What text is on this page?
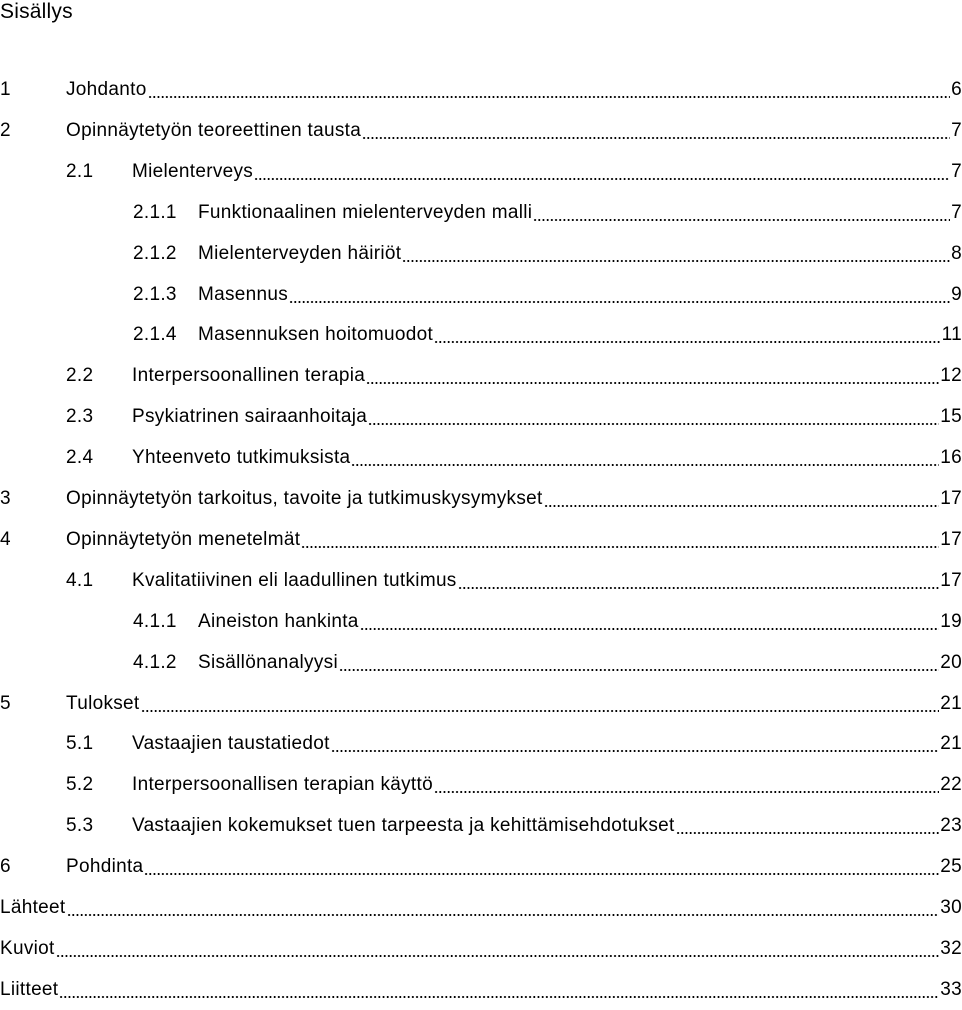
Sisällys
1	Johdanto	6
2	Opinnäytetyön teoreettinen tausta	7
2.1	Mielenterveys	7
2.1.1	Funktionaalinen mielenterveyden malli	7
2.1.2	Mielenterveyden häiriöt	8
2.1.3	Masennus	9
2.1.4	Masennuksen hoitomuodot	11
2.2	Interpersoonallinen terapia	12
2.3	Psykiatrinen sairaanhoitaja	15
2.4	Yhteenveto tutkimuksista	16
3	Opinnäytetyön tarkoitus, tavoite ja tutkimuskysymykset	17
4	Opinnäytetyön menetelmät	17
4.1	Kvalitatiivinen eli laadullinen tutkimus	17
4.1.1	Aineiston hankinta	19
4.1.2	Sisällönanalyysi	20
5	Tulokset	21
5.1	Vastaajien taustatiedot	21
5.2	Interpersoonallisen terapian käyttö	22
5.3	Vastaajien kokemukset tuen tarpeesta ja kehittämisehdotukset	23
6	Pohdinta	25
Lähteet	30
Kuviot	32
Liitteet	33
